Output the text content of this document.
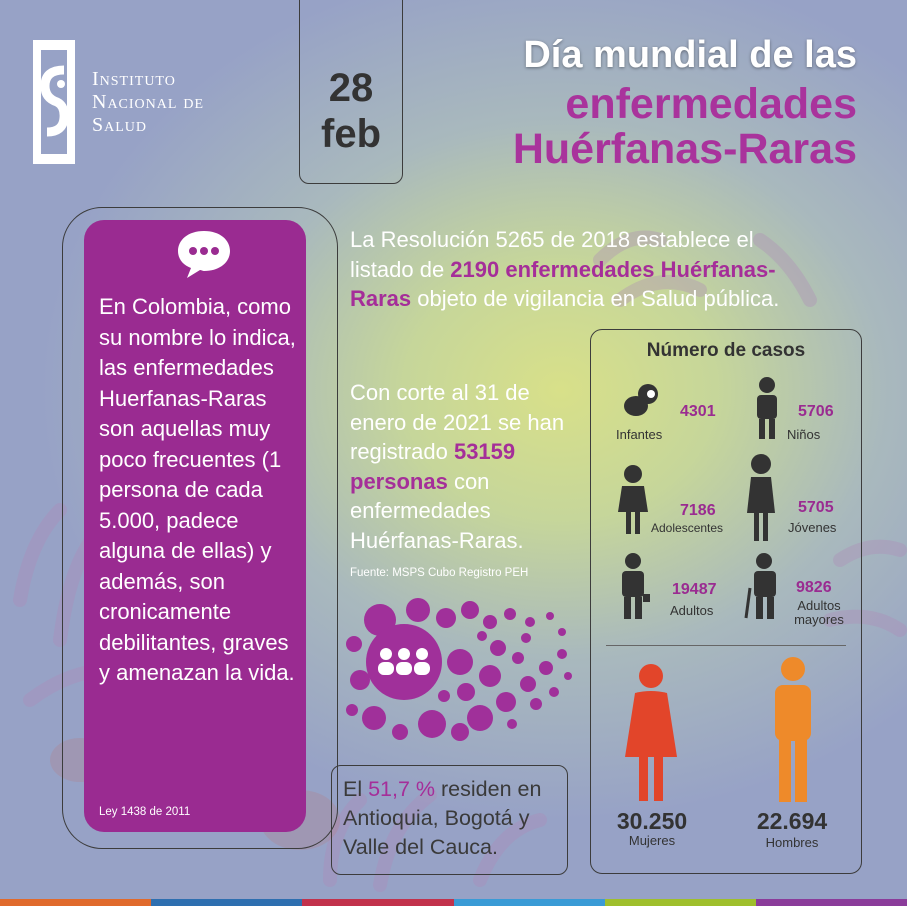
Instituto
Nacional de
Salud
28
feb
Día mundial de las
enfermedades
Huérfanas-Raras
En Colombia, como su nombre lo indica, las enfermedades Huerfanas-Raras son aquellas muy poco frecuentes (1 persona de cada 5.000, padece alguna de ellas) y además, son cronicamente debilitantes, graves y amenazan la vida.
Ley 1438 de 2011
La Resolución 5265 de 2018 establece el listado de 2190 enfermedades Huérfanas-Raras objeto de vigilancia en Salud pública.
Con corte al 31 de enero de 2021 se han registrado 53159 personas con enfermedades Huérfanas-Raras.
Fuente: MSPS Cubo Registro PEH
El 51,7 % residen en Antioquia, Bogotá y Valle del Cauca.
Número de casos
4301
Infantes
5706
Niños
7186
Adolescentes
5705
Jóvenes
19487
Adultos
9826
Adultos mayores
30.250
Mujeres
22.694
Hombres
